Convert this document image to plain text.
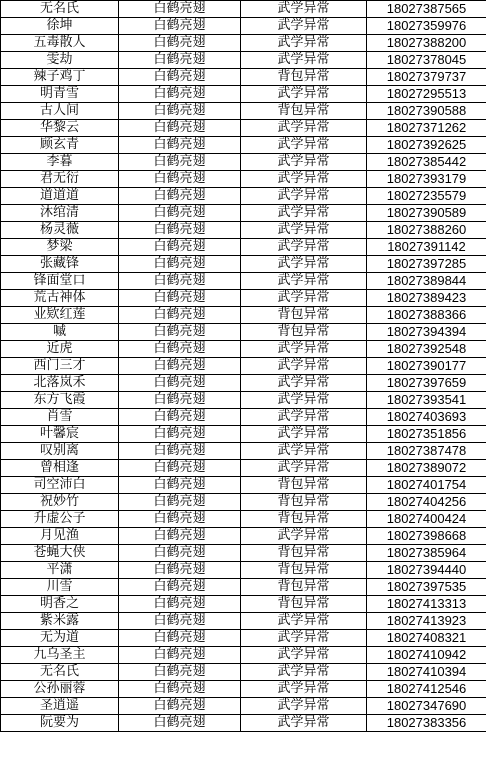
无名氏	白鹤亮翅	武学异常	18027387565
徐坤	白鹤亮翅	武学异常	18027359976
五毒散人	白鹤亮翅	武学异常	18027388200
雯劫	白鹤亮翅	武学异常	18027378045
辣子鸡丁	白鹤亮翅	背包异常	18027379737
明青雪	白鹤亮翅	武学异常	18027295513
古人间	白鹤亮翅	背包异常	18027390588
华黎云	白鹤亮翅	武学异常	18027371262
顾玄青	白鹤亮翅	武学异常	18027392625
李暮	白鹤亮翅	武学异常	18027385442
君无衍	白鹤亮翅	武学异常	18027393179
道道道	白鹤亮翅	武学异常	18027235579
沐绾清	白鹤亮翅	武学异常	18027390589
杨灵薇	白鹤亮翅	武学异常	18027388260
梦梁	白鹤亮翅	武学异常	18027391142
张藏锋	白鹤亮翅	武学异常	18027397285
锋面堂口	白鹤亮翅	武学异常	18027389844
荒古神体	白鹤亮翅	武学异常	18027389423
业欵红莲	白鹤亮翅	背包异常	18027388366
嘁	白鹤亮翅	背包异常	18027394394
近虎	白鹤亮翅	武学异常	18027392548
西门三才	白鹤亮翅	武学异常	18027390177
北落岚禾	白鹤亮翅	武学异常	18027397659
东方飞霞	白鹤亮翅	武学异常	18027393541
肖雪	白鹤亮翅	武学异常	18027403693
叶馨宸	白鹤亮翅	武学异常	18027351856
叹别离	白鹤亮翅	武学异常	18027387478
曾相逢	白鹤亮翅	武学异常	18027389072
司空沛白	白鹤亮翅	背包异常	18027401754
祝妙竹	白鹤亮翅	背包异常	18027404256
升虚公子	白鹤亮翅	背包异常	18027400424
月见渔	白鹤亮翅	武学异常	18027398668
苍蝇大侠	白鹤亮翅	背包异常	18027385964
平潇	白鹤亮翅	背包异常	18027394440
川雪	白鹤亮翅	背包异常	18027397535
明香之	白鹤亮翅	背包异常	18027413313
紫米露	白鹤亮翅	武学异常	18027413923
无为道	白鹤亮翅	武学异常	18027408321
九乌圣主	白鹤亮翅	武学异常	18027410942
无名氏	白鹤亮翅	武学异常	18027410394
公孙丽蓉	白鹤亮翅	武学异常	18027412546
圣逍遥	白鹤亮翅	武学异常	18027347690
阮要为	白鹤亮翅	武学异常	18027383356
